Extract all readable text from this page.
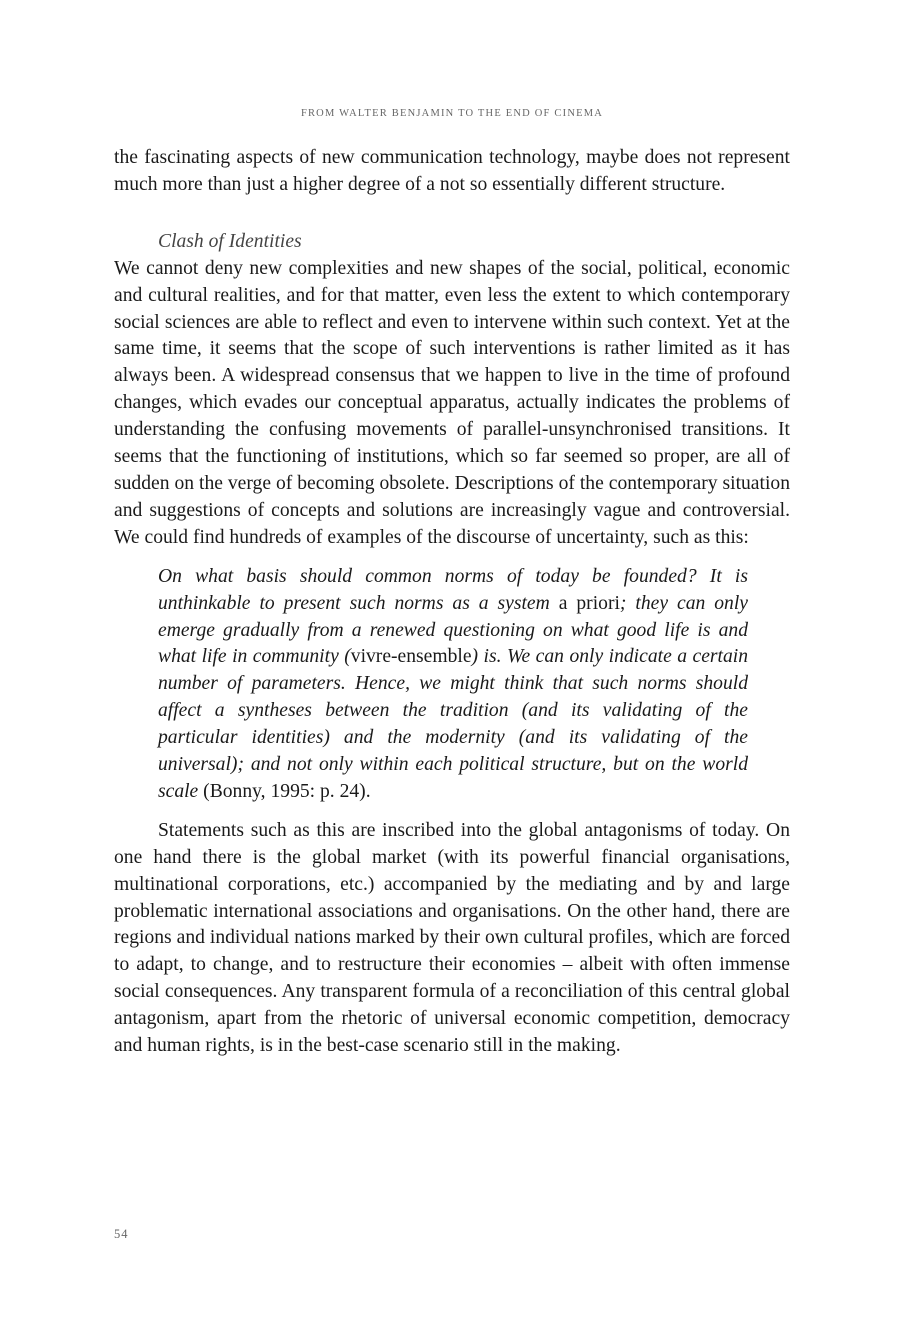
FROM WALTER BENJAMIN TO THE END OF CINEMA

the fascinating aspects of new communication technology, maybe does not represent much more than just a higher degree of a not so essentially different structure.

Clash of Identities

We cannot deny new complexities and new shapes of the social, political, economic and cultural realities, and for that matter, even less the extent to which contemporary social sciences are able to reflect and even to intervene within such context. Yet at the same time, it seems that the scope of such interventions is rather limited as it has always been. A widespread consensus that we happen to live in the time of profound changes, which evades our conceptual apparatus, actually indicates the problems of understanding the confusing movements of parallel-unsynchronised transitions. It seems that the functioning of institutions, which so far seemed so proper, are all of sudden on the verge of becoming obsolete. Descriptions of the contemporary situation and suggestions of concepts and solutions are increasingly vague and controversial. We could find hundreds of examples of the discourse of uncertainty, such as this:

On what basis should common norms of today be founded? It is unthinkable to present such norms as a system a priori; they can only emerge gradually from a renewed questioning on what good life is and what life in community (vivre-ensemble) is. We can only indicate a certain number of parameters. Hence, we might think that such norms should affect a syntheses between the tradition (and its validating of the particular identities) and the modernity (and its validating of the universal); and not only within each political structure, but on the world scale (Bonny, 1995: p. 24).

Statements such as this are inscribed into the global antagonisms of today. On one hand there is the global market (with its powerful financial organisations, multinational corporations, etc.) accompanied by the mediating and by and large problematic international associations and organisations. On the other hand, there are regions and individual nations marked by their own cultural profiles, which are forced to adapt, to change, and to restructure their economies – albeit with often immense social consequences. Any transparent formula of a reconciliation of this central global antagonism, apart from the rhetoric of universal economic competition, democracy and human rights, is in the best-case scenario still in the making.

54
